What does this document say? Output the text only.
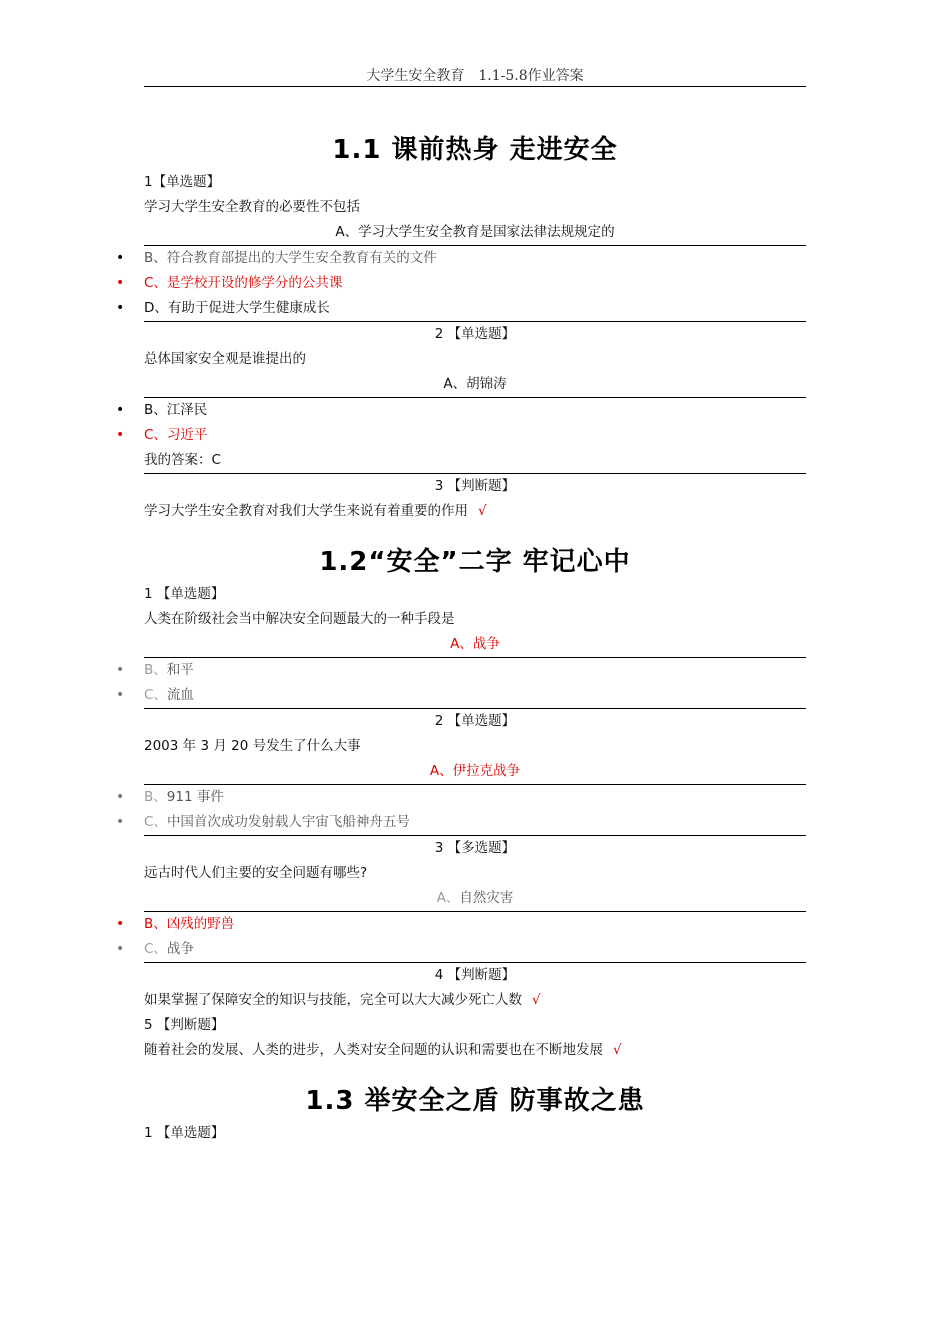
大学生安全教育　1.1-5.8作业答案
1.1 课前热身 走进安全
1【单选题】
学习大学生安全教育的必要性不包括
A、学习大学生安全教育是国家法律法规规定的
• B、符合教育部提出的大学生安全教育有关的文件
• C、是学校开设的修学分的公共课
• D、有助于促进大学生健康成长
2 【单选题】
总体国家安全观是谁提出的
A、胡锦涛
• B、江泽民
• C、习近平
我的答案：C
3 【判断题】
学习大学生安全教育对我们大学生来说有着重要的作用 √
1.2“安全”二字 牢记心中
1 【单选题】
人类在阶级社会当中解决安全问题最大的一种手段是
A、战争
• B、和平
• C、流血
2 【单选题】
2003 年 3 月 20 号发生了什么大事
A、伊拉克战争
• B、911 事件
• C、中国首次成功发射载人宇宙飞船神舟五号
3 【多选题】
远古时代人们主要的安全问题有哪些?
A、自然灾害
• B、凶残的野兽
• C、战争
4 【判断题】
如果掌握了保障安全的知识与技能，完全可以大大减少死亡人数 √
5 【判断题】
随着社会的发展、人类的进步，人类对安全问题的认识和需要也在不断地发展 √
1.3 举安全之盾 防事故之患
1 【单选题】
